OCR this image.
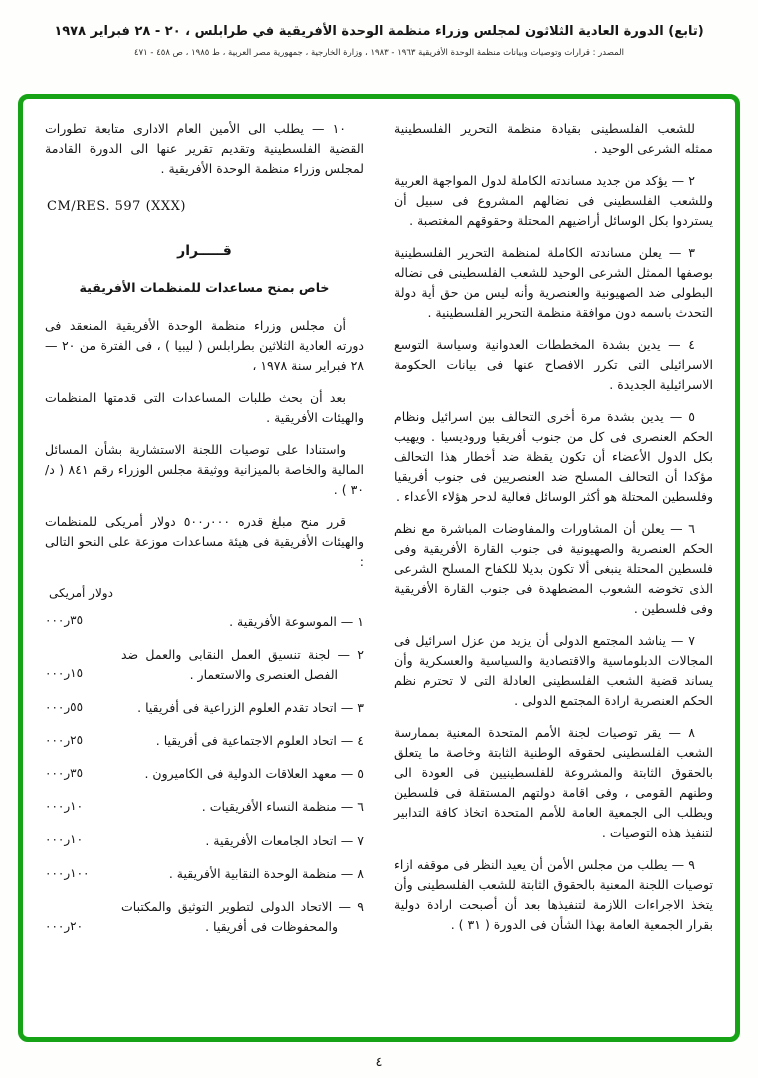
(تابع) الدورة العادية الثلاثون لمجلس وزراء منظمة الوحدة الأفريقية في طرابلس ، ٢٠ - ٢٨ فبراير ١٩٧٨
المصدر : قرارات وتوصيات وبيانات منظمة الوحدة الأفريقية ١٩٦٣ - ١٩٨٣ ، وزارة الخارجية ، جمهورية مصر العربية ، ط ١٩٨٥ ، ص ٤٥٨ - ٤٧١

للشعب الفلسطينى بقيادة منظمة التحرير الفلسطينية ممثله الشرعى الوحيد .

٢ — يؤكد من جديد مساندته الكاملة لدول المواجهة العربية وللشعب الفلسطينى فى نضالهم المشروع فى سبيل أن يستردوا بكل الوسائل أراضيهم المحتلة وحقوقهم المغتصبة .

٣ — يعلن مساندته الكاملة لمنظمة التحرير الفلسطينية بوصفها الممثل الشرعى الوحيد للشعب الفلسطينى فى نضاله البطولى ضد الصهيونية والعنصرية وأنه ليس من حق أية دولة التحدث باسمه دون موافقة منظمة التحرير الفلسطينية .

٤ — يدين بشدة المخططات العدوانية وسياسة التوسع الاسرائيلى التى تكرر الافصاح عنها فى بيانات الحكومة الاسرائيلية الجديدة .

٥ — يدين بشدة مرة أخرى التحالف بين اسرائيل ونظام الحكم العنصرى فى كل من جنوب أفريقيا وروديسيا . ويهيب بكل الدول الأعضاء أن تكون يقظة ضد أخطار هذا التحالف مؤكدا أن التحالف المسلح ضد العنصريين فى جنوب أفريقيا وفلسطين المحتلة هو أكثر الوسائل فعالية لدحر هؤلاء الأعداء .

٦ — يعلن أن المشاورات والمفاوضات المباشرة مع نظم الحكم العنصرية والصهيونية فى جنوب القارة الأفريقية وفى فلسطين المحتلة ينبغى ألا تكون بديلا للكفاح المسلح الشرعى الذى تخوضه الشعوب المضطهدة فى جنوب القارة الأفريقية وفى فلسطين .

٧ — يناشد المجتمع الدولى أن يزيد من عزل اسرائيل فى المجالات الدبلوماسية والاقتصادية والسياسية والعسكرية وأن يساند قضية الشعب الفلسطينى العادلة التى لا تحترم نظم الحكم العنصرية ارادة المجتمع الدولى .

٨ — يقر توصيات لجنة الأمم المتحدة المعنية بممارسة الشعب الفلسطينى لحقوقه الوطنية الثابتة وخاصة ما يتعلق بالحقوق الثابتة والمشروعة للفلسطينيين فى العودة الى وطنهم القومى ، وفى اقامة دولتهم المستقلة فى فلسطين ويطلب الى الجمعية العامة للأمم المتحدة اتخاذ كافة التدابير لتنفيذ هذه التوصيات .

٩ — يطلب من مجلس الأمن أن يعيد النظر فى موقفه ازاء توصيات اللجنة المعنية بالحقوق الثابتة للشعب الفلسطينى وأن يتخذ الاجراءات اللازمة لتنفيذها بعد أن أصبحت ارادة دولية بقرار الجمعية العامة بهذا الشأن فى الدورة ( ٣١ ) .

١٠ — يطلب الى الأمين العام الادارى متابعة تطورات القضية الفلسطينية وتقديم تقرير عنها الى الدورة القادمة لمجلس وزراء منظمة الوحدة الأفريقية .

CM/RES. 597 (XXX)
قـــــرار
خاص بمنح مساعدات للمنظمات الأفريقية

أن مجلس وزراء منظمة الوحدة الأفريقية المنعقد فى دورته العادية الثلاثين بطرابلس ( ليبيا ) ، فى الفترة من ٢٠ — ٢٨ فبراير سنة ١٩٧٨ ،

بعد أن بحث طلبات المساعدات التى قدمتها المنظمات والهيئات الأفريقية .

واستنادا على توصيات اللجنة الاستشارية بشأن المسائل المالية والخاصة بالميزانية ووثيقة مجلس الوزراء رقم ٨٤١ ( د/٣٠ ) .

قرر منح مبلغ قدره ٠٠٠ر٥٠٠ دولار أمريكى للمنظمات والهيئات الأفريقية فى هيئة مساعدات موزعة على النحو التالى :

دولار أمريكى
١ — الموسوعة الأفريقية .
٣٥ر٠٠٠
٢ — لجنة تنسيق العمل النقابى والعمل ضد الفصل العنصرى والاستعمار .
١٥ر٠٠٠
٣ — اتحاد تقدم العلوم الزراعية فى أفريقيا .
٥٥ر٠٠٠
٤ — اتحاد العلوم الاجتماعية فى أفريقيا .
٢٥ر٠٠٠
٥ — معهد العلاقات الدولية فى الكاميرون .
٣٥ر٠٠٠
٦ — منظمة النساء الأفريقيات .
١٠ر٠٠٠
٧ — اتحاد الجامعات الأفريقية .
١٠ر٠٠٠
٨ — منظمة الوحدة النقابية الأفريقية .
١٠٠ر٠٠٠
٩ — الاتحاد الدولى لتطوير التوثيق والمكتبات والمحفوظات فى أفريقيا .
٢٠ر٠٠٠
٤
